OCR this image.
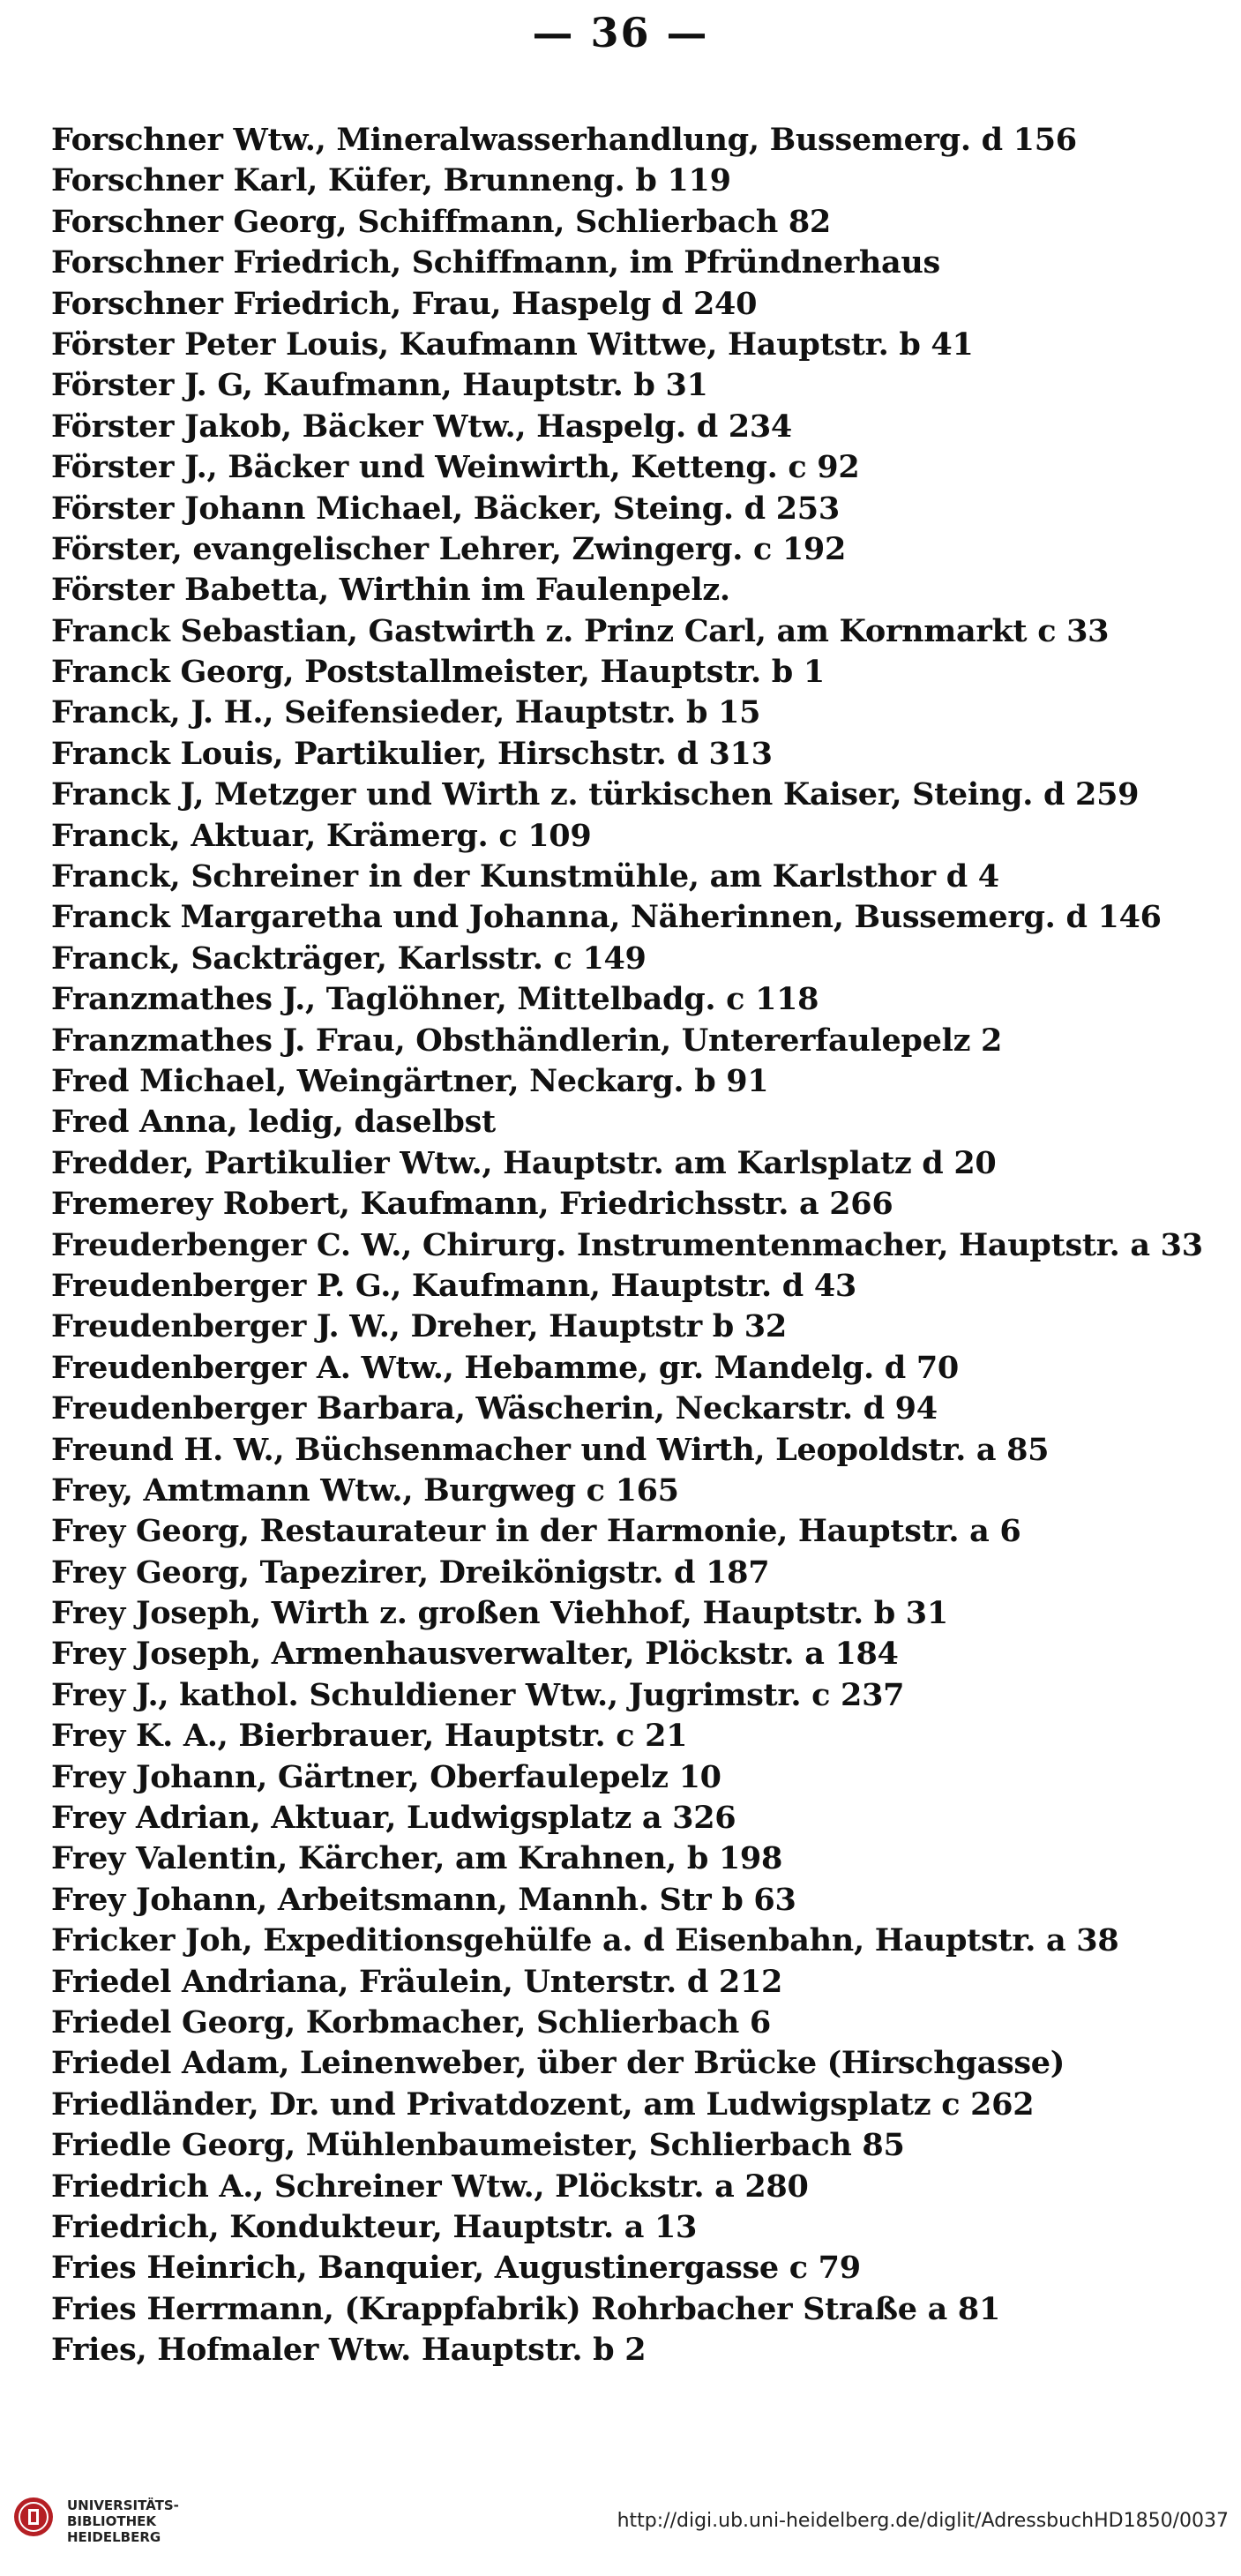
— 36 —
Forschner Wtw., Mineralwasserhandlung, Bussemerg. d 156
Forschner Karl, Küfer, Brunneng. b 119
Forschner Georg, Schiffmann, Schlierbach 82
Forschner Friedrich, Schiffmann, im Pfründnerhaus
Forschner Friedrich, Frau, Haspelg d 240
Förster Peter Louis, Kaufmann Wittwe, Hauptstr. b 41
Förster J. G, Kaufmann, Hauptstr. b 31
Förster Jakob, Bäcker Wtw., Haspelg. d 234
Förster J., Bäcker und Weinwirth, Ketteng. c 92
Förster Johann Michael, Bäcker, Steing. d 253
Förster, evangelischer Lehrer, Zwingerg. c 192
Förster Babetta, Wirthin im Faulenpelz.
Franck Sebastian, Gastwirth z. Prinz Carl, am Kornmarkt c 33
Franck Georg, Poststallmeister, Hauptstr. b 1
Franck, J. H., Seifensieder, Hauptstr. b 15
Franck Louis, Partikulier, Hirschstr. d 313
Franck J, Metzger und Wirth z. türkischen Kaiser, Steing. d 259
Franck, Aktuar, Krämerg. c 109
Franck, Schreiner in der Kunstmühle, am Karlsthor d 4
Franck Margaretha und Johanna, Näherinnen, Bussemerg. d 146
Franck, Sackträger, Karlsstr. c 149
Franzmathes J., Taglöhner, Mittelbadg. c 118
Franzmathes J. Frau, Obsthändlerin, Untererfaulepelz 2
Fred Michael, Weingärtner, Neckarg. b 91
Fred Anna, ledig, daselbst
Fredder, Partikulier Wtw., Hauptstr. am Karlsplatz d 20
Fremerey Robert, Kaufmann, Friedrichsstr. a 266
Freuderbenger C. W., Chirurg. Instrumentenmacher, Hauptstr. a 33
Freudenberger P. G., Kaufmann, Hauptstr. d 43
Freudenberger J. W., Dreher, Hauptstr b 32
Freudenberger A. Wtw., Hebamme, gr. Mandelg. d 70
Freudenberger Barbara, Wäscherin, Neckarstr. d 94
Freund H. W., Büchsenmacher und Wirth, Leopoldstr. a 85
Frey, Amtmann Wtw., Burgweg c 165
Frey Georg, Restaurateur in der Harmonie, Hauptstr. a 6
Frey Georg, Tapezirer, Dreikönigstr. d 187
Frey Joseph, Wirth z. großen Viehhof, Hauptstr. b 31
Frey Joseph, Armenhausverwalter, Plöckstr. a 184
Frey J., kathol. Schuldiener Wtw., Jugrimstr. c 237
Frey K. A., Bierbrauer, Hauptstr. c 21
Frey Johann, Gärtner, Oberfaulepelz 10
Frey Adrian, Aktuar, Ludwigsplatz a 326
Frey Valentin, Kärcher, am Krahnen, b 198
Frey Johann, Arbeitsmann, Mannh. Str b 63
Fricker Joh, Expeditionsgehülfe a. d Eisenbahn, Hauptstr. a 38
Friedel Andriana, Fräulein, Unterstr. d 212
Friedel Georg, Korbmacher, Schlierbach 6
Friedel Adam, Leinenweber, über der Brücke (Hirschgasse)
Friedländer, Dr. und Privatdozent, am Ludwigsplatz c 262
Friedle Georg, Mühlenbaumeister, Schlierbach 85
Friedrich A., Schreiner Wtw., Plöckstr. a 280
Friedrich, Kondukteur, Hauptstr. a 13
Fries Heinrich, Banquier, Augustinergasse c 79
Fries Herrmann, (Krappfabrik) Rohrbacher Straße a 81
Fries, Hofmaler Wtw. Hauptstr. b 2
UNIVERSITÄTS-
BIBLIOTHEK
HEIDELBERG
http://digi.ub.uni-heidelberg.de/diglit/AdressbuchHD1850/0037
